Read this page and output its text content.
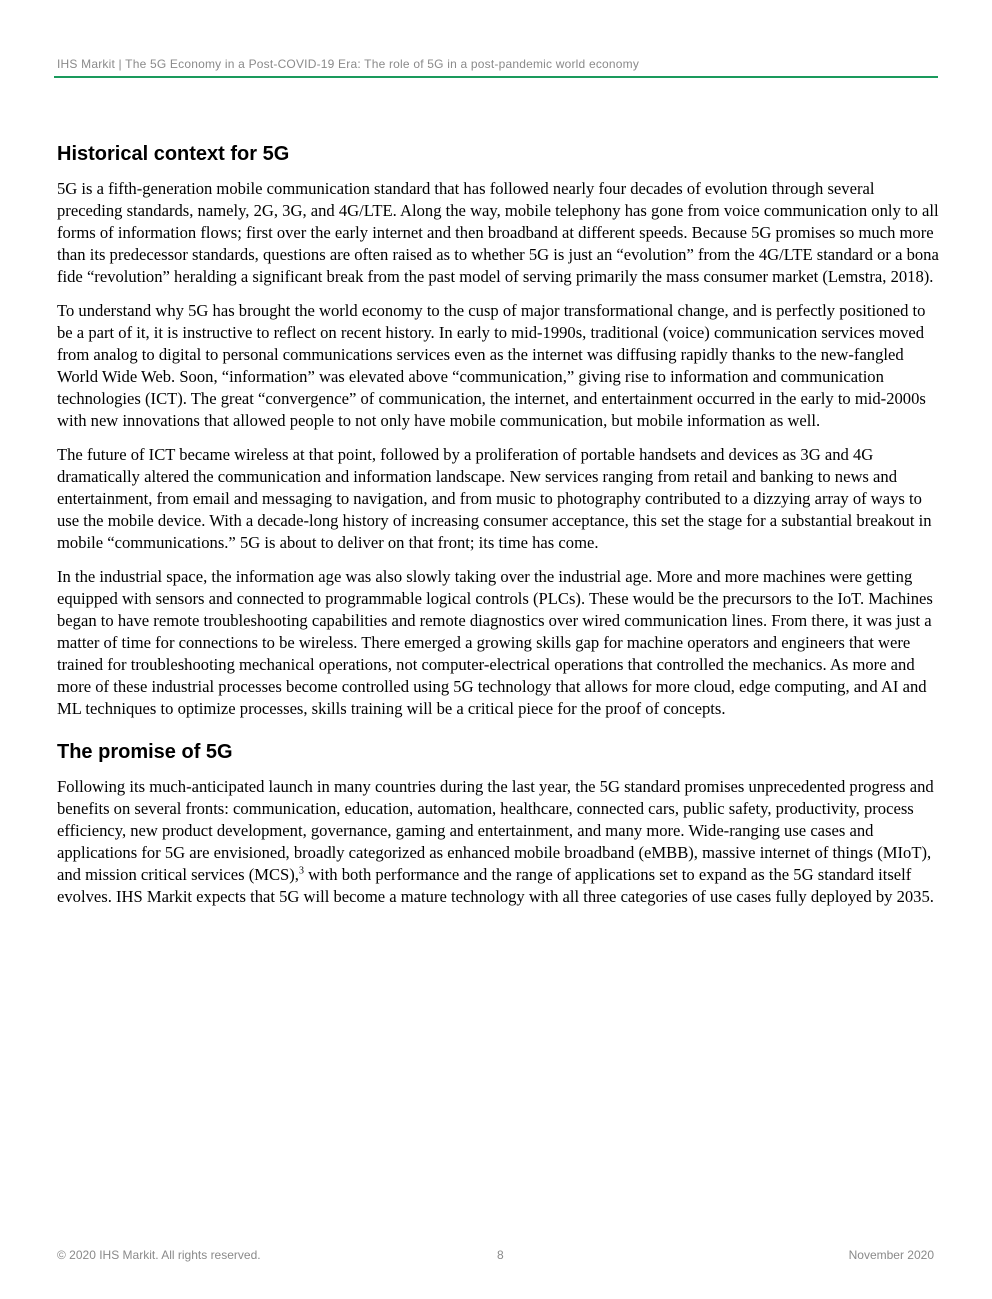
IHS Markit | The 5G Economy in a Post-COVID-19 Era: The role of 5G in a post-pandemic world economy
Historical context for 5G

5G is a fifth-generation mobile communication standard that has followed nearly four decades of evolution through several preceding standards, namely, 2G, 3G, and 4G/LTE. Along the way, mobile telephony has gone from voice communication only to all forms of information flows; first over the early internet and then broadband at different speeds. Because 5G promises so much more than its predecessor standards, questions are often raised as to whether 5G is just an “evolution” from the 4G/LTE standard or a bona fide “revolution” heralding a significant break from the past model of serving primarily the mass consumer market (Lemstra, 2018).

To understand why 5G has brought the world economy to the cusp of major transformational change, and is perfectly positioned to be a part of it, it is instructive to reflect on recent history. In early to mid-1990s, traditional (voice) communication services moved from analog to digital to personal communications services even as the internet was diffusing rapidly thanks to the new-fangled World Wide Web. Soon, “information” was elevated above “communication,” giving rise to information and communication technologies (ICT). The great “convergence” of communication, the internet, and entertainment occurred in the early to mid-2000s with new innovations that allowed people to not only have mobile communication, but mobile information as well.

The future of ICT became wireless at that point, followed by a proliferation of portable handsets and devices as 3G and 4G dramatically altered the communication and information landscape. New services ranging from retail and banking to news and entertainment, from email and messaging to navigation, and from music to photography contributed to a dizzying array of ways to use the mobile device. With a decade-long history of increasing consumer acceptance, this set the stage for a substantial breakout in mobile “communications.” 5G is about to deliver on that front; its time has come.

In the industrial space, the information age was also slowly taking over the industrial age. More and more machines were getting equipped with sensors and connected to programmable logical controls (PLCs). These would be the precursors to the IoT. Machines began to have remote troubleshooting capabilities and remote diagnostics over wired communication lines. From there, it was just a matter of time for connections to be wireless. There emerged a growing skills gap for machine operators and engineers that were trained for troubleshooting mechanical operations, not computer-electrical operations that controlled the mechanics. As more and more of these industrial processes become controlled using 5G technology that allows for more cloud, edge computing, and AI and ML techniques to optimize processes, skills training will be a critical piece for the proof of concepts.

The promise of 5G

Following its much-anticipated launch in many countries during the last year, the 5G standard promises unprecedented progress and benefits on several fronts: communication, education, automation, healthcare, connected cars, public safety, productivity, process efficiency, new product development, governance, gaming and entertainment, and many more. Wide-ranging use cases and applications for 5G are envisioned, broadly categorized as enhanced mobile broadband (eMBB), massive internet of things (MIoT), and mission critical services (MCS),$^3$ with both performance and the range of applications set to expand as the 5G standard itself evolves. IHS Markit expects that 5G will become a mature technology with all three categories of use cases fully deployed by 2035.

© 2020 IHS Markit. All rights reserved.	8	November 2020
